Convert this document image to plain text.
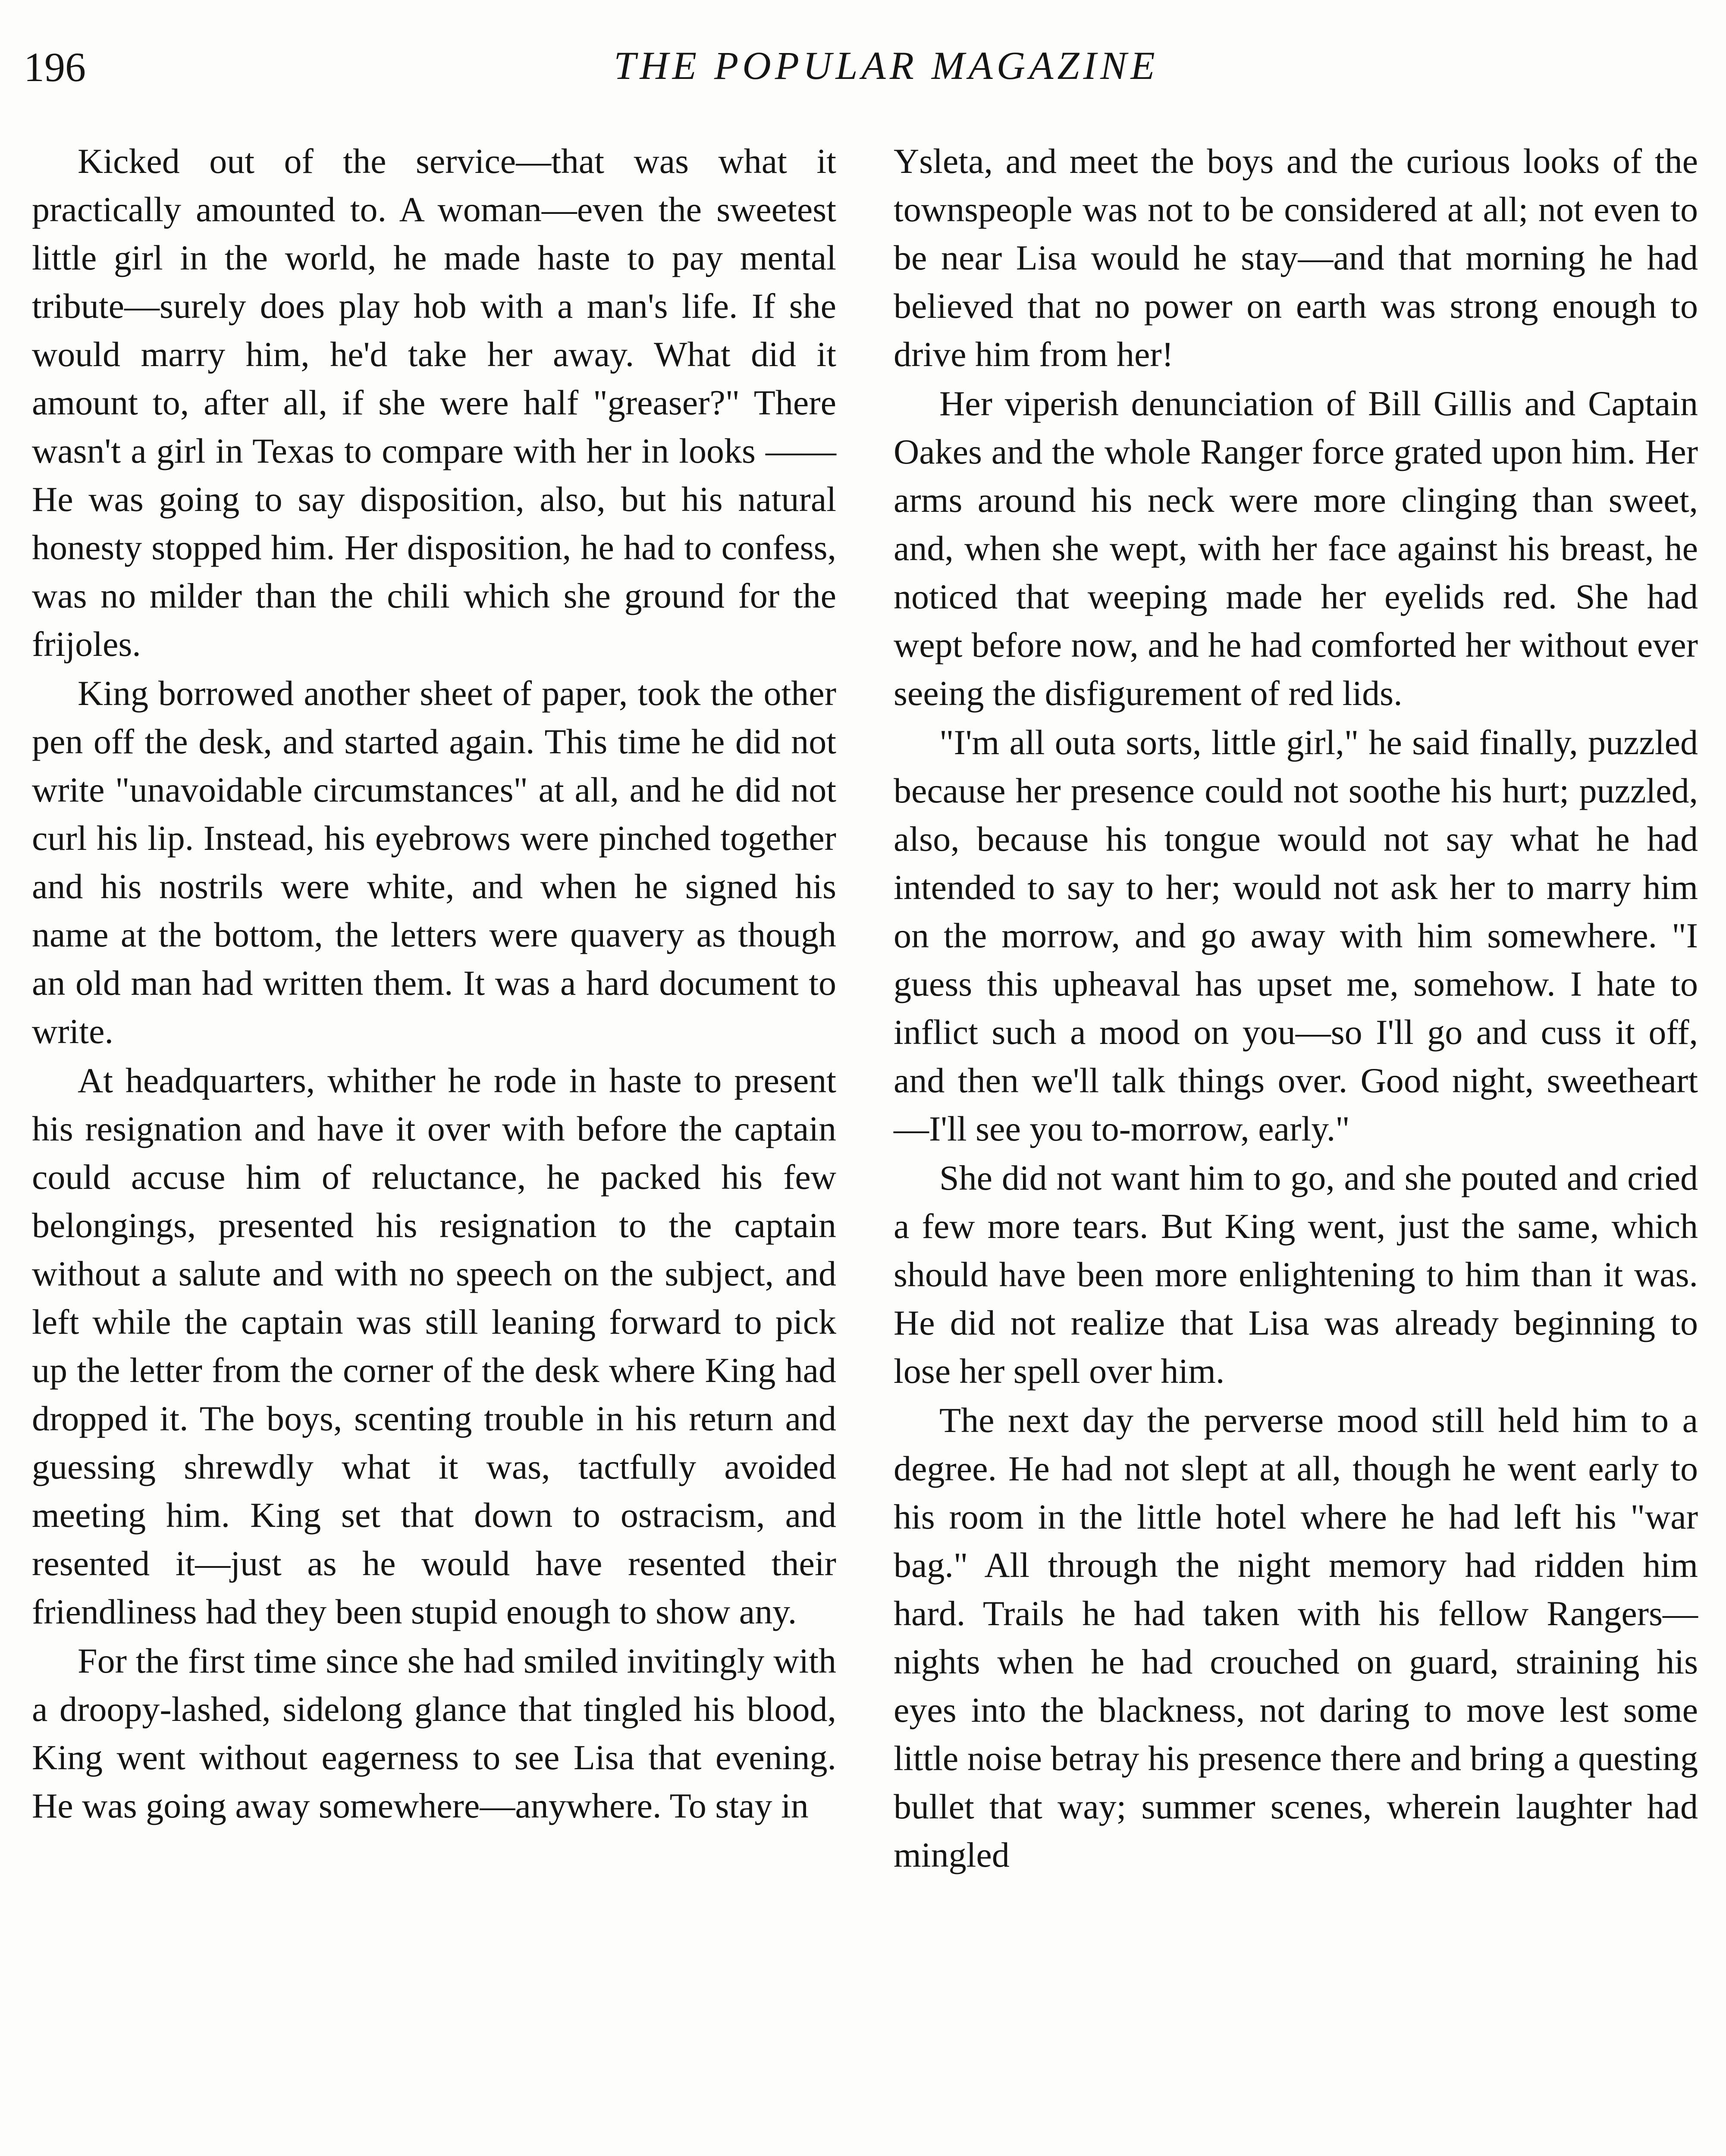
196	THE POPULAR MAGAZINE

Kicked out of the service—that was what it practically amounted to. A woman—even the sweetest little girl in the world, he made haste to pay mental tribute—surely does play hob with a man's life. If she would marry him, he'd take her away. What did it amount to, after all, if she were half "greaser?" There wasn't a girl in Texas to compare with her in looks —— He was going to say disposition, also, but his natural honesty stopped him. Her disposition, he had to confess, was no milder than the chili which she ground for the frijoles.

King borrowed another sheet of paper, took the other pen off the desk, and started again. This time he did not write "unavoidable circumstances" at all, and he did not curl his lip. Instead, his eyebrows were pinched together and his nostrils were white, and when he signed his name at the bottom, the letters were quavery as though an old man had written them. It was a hard document to write.

At headquarters, whither he rode in haste to present his resignation and have it over with before the captain could accuse him of reluctance, he packed his few belongings, presented his resignation to the captain without a salute and with no speech on the subject, and left while the captain was still leaning forward to pick up the letter from the corner of the desk where King had dropped it. The boys, scenting trouble in his return and guessing shrewdly what it was, tactfully avoided meeting him. King set that down to ostracism, and resented it—just as he would have resented their friendliness had they been stupid enough to show any.

For the first time since she had smiled invitingly with a droopy-lashed, sidelong glance that tingled his blood, King went without eagerness to see Lisa that evening. He was going away somewhere—anywhere. To stay in

Ysleta, and meet the boys and the curious looks of the townspeople was not to be considered at all; not even to be near Lisa would he stay—and that morning he had believed that no power on earth was strong enough to drive him from her!

Her viperish denunciation of Bill Gillis and Captain Oakes and the whole Ranger force grated upon him. Her arms around his neck were more clinging than sweet, and, when she wept, with her face against his breast, he noticed that weeping made her eyelids red. She had wept before now, and he had comforted her without ever seeing the disfigurement of red lids.

"I'm all outa sorts, little girl," he said finally, puzzled because her presence could not soothe his hurt; puzzled, also, because his tongue would not say what he had intended to say to her; would not ask her to marry him on the morrow, and go away with him somewhere. "I guess this upheaval has upset me, somehow. I hate to inflict such a mood on you—so I'll go and cuss it off, and then we'll talk things over. Good night, sweetheart—I'll see you to-morrow, early."

She did not want him to go, and she pouted and cried a few more tears. But King went, just the same, which should have been more enlightening to him than it was. He did not realize that Lisa was already beginning to lose her spell over him.

The next day the perverse mood still held him to a degree. He had not slept at all, though he went early to his room in the little hotel where he had left his "war bag." All through the night memory had ridden him hard. Trails he had taken with his fellow Rangers—nights when he had crouched on guard, straining his eyes into the blackness, not daring to move lest some little noise betray his presence there and bring a questing bullet that way; summer scenes, wherein laughter had mingled
